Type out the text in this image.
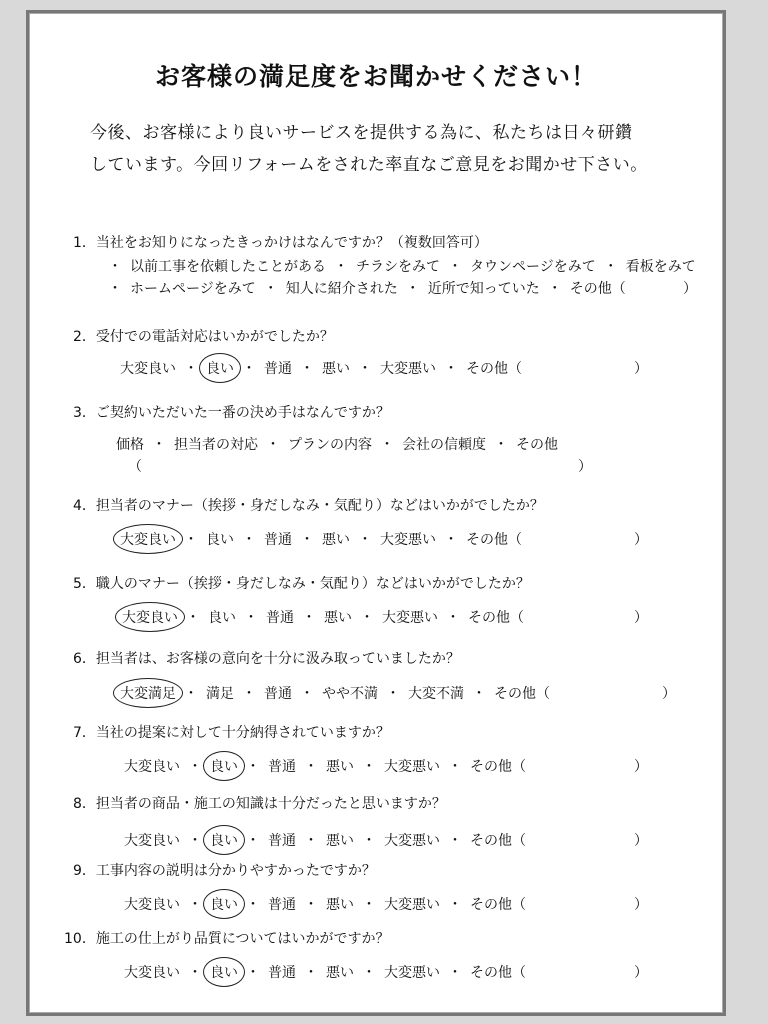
お客様の満足度をお聞かせください！
今後、お客様により良いサービスを提供する為に、私たちは日々研鑽
しています。今回リフォームをされた率直なご意見をお聞かせ下さい。
1．当社をお知りになったきっかけはなんですか？（複数回答可）
・ 以前工事を依頼したことがある ・ チラシをみて ・ タウンページをみて ・ 看板をみて
・ ホームページをみて ・ 知人に紹介された ・ 近所で知っていた ・ その他（	）
2．受付での電話対応はいかがでしたか？
大変良い ・ 良い ・ 普通 ・ 悪い ・ 大変悪い ・ その他（	）
3．ご契約いただいた一番の決め手はなんですか？
価格 ・ 担当者の対応 ・ プランの内容 ・ 会社の信頼度 ・ その他
（	）
4．担当者のマナー（挨拶・身だしなみ・気配り）などはいかがでしたか？
大変良い ・ 良い ・ 普通 ・ 悪い ・ 大変悪い ・ その他（	）
5．職人のマナー（挨拶・身だしなみ・気配り）などはいかがでしたか？
大変良い ・ 良い ・ 普通 ・ 悪い ・ 大変悪い ・ その他（	）
6．担当者は、お客様の意向を十分に汲み取っていましたか？
大変満足 ・ 満足 ・ 普通 ・ やや不満 ・ 大変不満 ・ その他（	）
7．当社の提案に対して十分納得されていますか？
大変良い ・ 良い ・ 普通 ・ 悪い ・ 大変悪い ・ その他（	）
8．担当者の商品・施工の知識は十分だったと思いますか？
大変良い ・ 良い ・ 普通 ・ 悪い ・ 大変悪い ・ その他（	）
9．工事内容の説明は分かりやすかったですか？
大変良い ・ 良い ・ 普通 ・ 悪い ・ 大変悪い ・ その他（	）
10．施工の仕上がり品質についてはいかがですか？
大変良い ・ 良い ・ 普通 ・ 悪い ・ 大変悪い ・ その他（	）
